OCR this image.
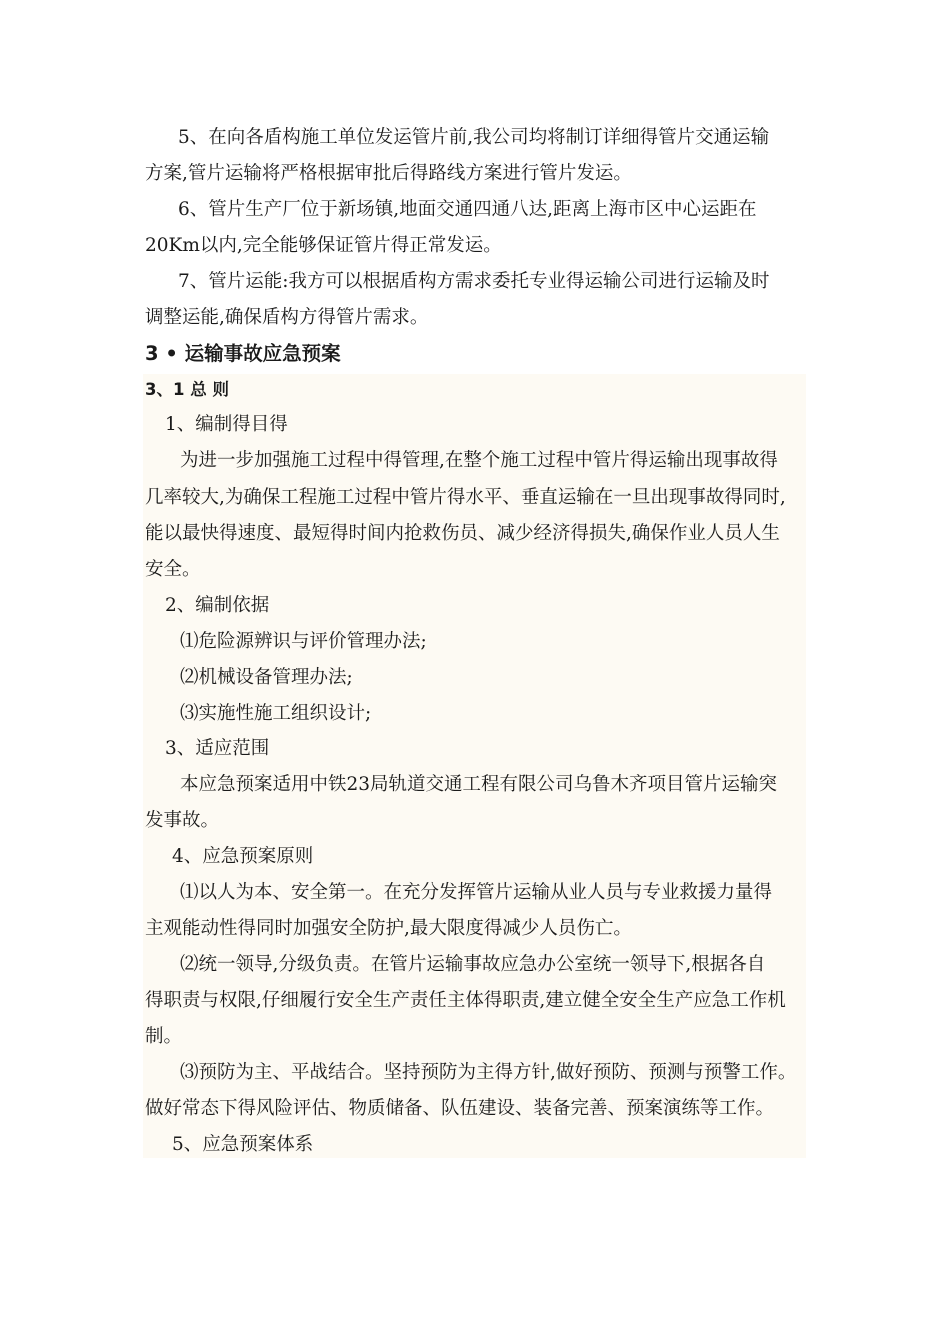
5、在向各盾构施工单位发运管片前,我公司均将制订详细得管片交通运输
方案,管片运输将严格根据审批后得路线方案进行管片发运。
6、管片生产厂位于新场镇,地面交通四通八达,距离上海市区中心运距在
20Km以内,完全能够保证管片得正常发运。
7、管片运能:我方可以根据盾构方需求委托专业得运输公司进行运输及时
调整运能,确保盾构方得管片需求。
3 • 运输事故应急预案
3、1 总 则
1、编制得目得
为进一步加强施工过程中得管理,在整个施工过程中管片得运输出现事故得
几率较大,为确保工程施工过程中管片得水平、垂直运输在一旦出现事故得同时,
能以最快得速度、最短得时间内抢救伤员、减少经济得损失,确保作业人员人生
安全。
2、编制依据
⑴危险源辨识与评价管理办法;
⑵机械设备管理办法;
⑶实施性施工组织设计;
3、适应范围
本应急预案适用中铁23局轨道交通工程有限公司乌鲁木齐项目管片运输突
发事故。
4、应急预案原则
⑴以人为本、安全第一。在充分发挥管片运输从业人员与专业救援力量得
主观能动性得同时加强安全防护,最大限度得减少人员伤亡。
⑵统一领导,分级负责。在管片运输事故应急办公室统一领导下,根据各自
得职责与权限,仔细履行安全生产责任主体得职责,建立健全安全生产应急工作机
制。
⑶预防为主、平战结合。坚持预防为主得方针,做好预防、预测与预警工作。
做好常态下得风险评估、物质储备、队伍建设、装备完善、预案演练等工作。
5、应急预案体系
